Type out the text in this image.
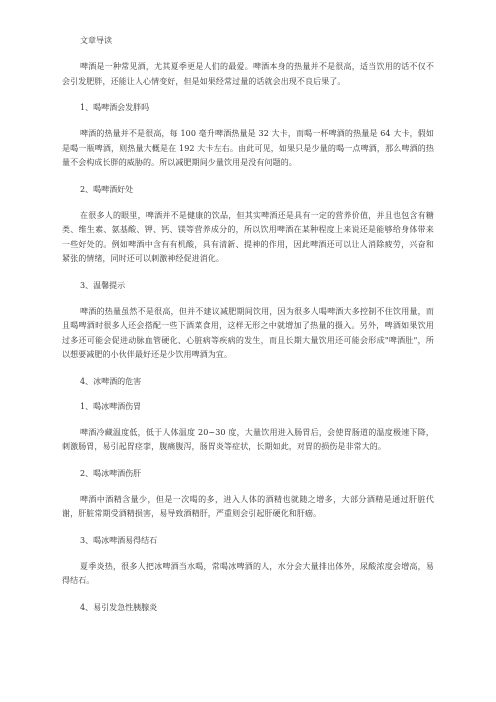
文章导读
啤酒是一种常见酒，尤其夏季更是人们的最爱。啤酒本身的热量并不是很高，适当饮用的话不仅不会引发肥胖，还能让人心情变好，但是如果经常过量的话就会出现不良后果了。
1、喝啤酒会发胖吗
啤酒的热量并不是很高，每 100 毫升啤酒热量是 32 大卡，而喝一杯啤酒的热量是 64 大卡，假如是喝一瓶啤酒，则热量大概是在 192 大卡左右。由此可见，如果只是少量的喝一点啤酒，那么啤酒的热量不会构成长胖的威胁的。所以减肥期间少量饮用是没有问题的。
2、喝啤酒好处
在很多人的眼里，啤酒并不是健康的饮品，但其实啤酒还是具有一定的营养价值，并且也包含有糖类、维生素、氨基酸、钾、钙、镁等营养成分的，所以饮用啤酒在某种程度上来说还是能够给身体带来一些好处的。例如啤酒中含有有机酸，具有清新、提神的作用，因此啤酒还可以让人消除疲劳，兴奋和紧张的情绪，同时还可以刺激神经促进消化。
3、温馨提示
啤酒的热量虽然不是很高，但并不建议减肥期间饮用，因为很多人喝啤酒大多控制不住饮用量，而且喝啤酒时很多人还会搭配一些下酒菜食用，这样无形之中就增加了热量的摄入。另外，啤酒如果饮用过多还可能会促进动脉血管硬化、心脏病等疾病的发生，而且长期大量饮用还可能会形成"啤酒肚"，所以想要减肥的小伙伴最好还是少饮用啤酒为宜。
4、冰啤酒的危害
1、喝冰啤酒伤胃
啤酒冷藏温度低，低于人体温度 20~30 度，大量饮用进入肠胃后，会使胃肠道的温度极速下降，刺激肠胃，易引起胃痉挛，腹痛腹泻，肠胃炎等症状，长期如此，对胃的损伤是非常大的。
2、喝冰啤酒伤肝
啤酒中酒精含量少，但是一次喝的多，进入人体的酒精也就随之增多，大部分酒精是通过肝脏代谢，肝脏常期受酒精损害，易导致酒精肝，严重则会引起肝硬化和肝癌。
3、喝冰啤酒易得结石
夏季炎热，很多人把冰啤酒当水喝，常喝冰啤酒的人，水分会大量排出体外，尿酸浓度会增高，易得结石。
4、易引发急性胰腺炎
